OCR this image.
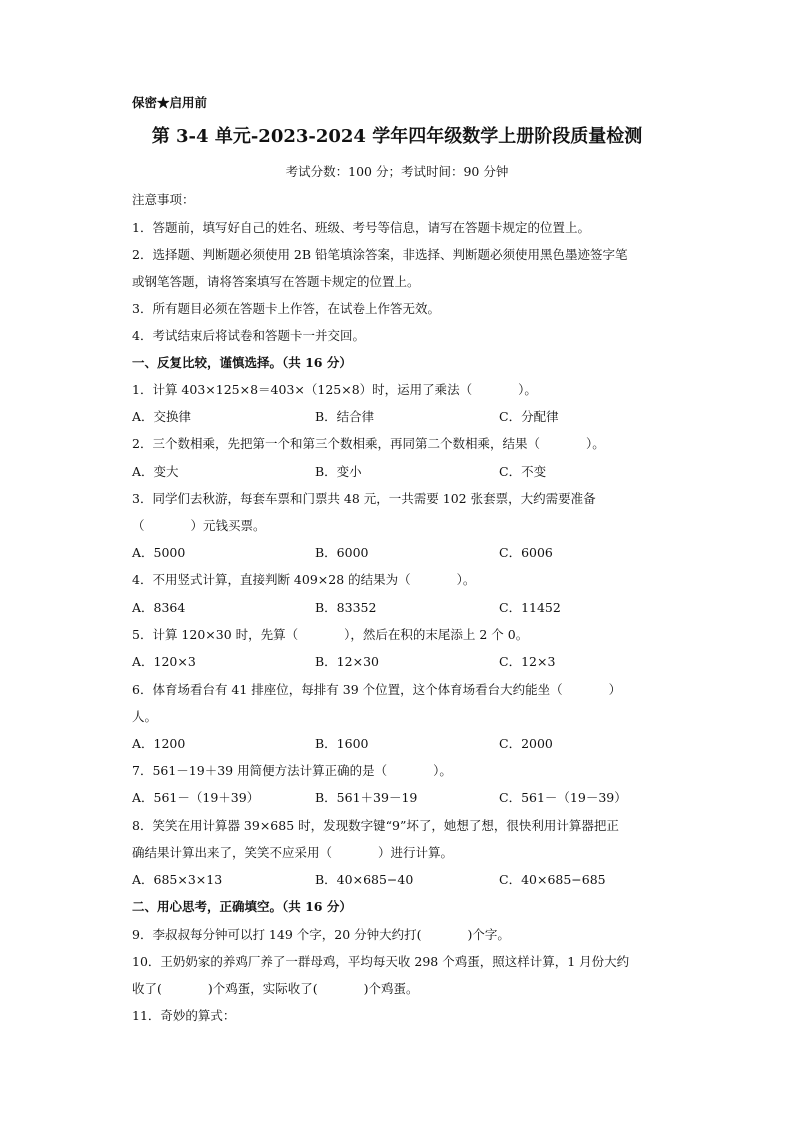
保密★启用前
第 3-4 单元-2023-2024 学年四年级数学上册阶段质量检测
考试分数：100 分；考试时间：90 分钟
注意事项：
1．答题前，填写好自己的姓名、班级、考号等信息，请写在答题卡规定的位置上。
2．选择题、判断题必须使用 2B 铅笔填涂答案，非选择、判断题必须使用黑色墨迹签字笔
或钢笔答题，请将答案填写在答题卡规定的位置上。
3．所有题目必须在答题卡上作答，在试卷上作答无效。
4．考试结束后将试卷和答题卡一并交回。
一、反复比较，谨慎选择。（共 16 分）
1．计算 403×125×8＝403×（125×8）时，运用了乘法（	）。
A．交换律	B．结合律	C．分配律
2．三个数相乘，先把第一个和第三个数相乘，再同第二个数相乘，结果（	）。
A．变大	B．变小	C．不变
3．同学们去秋游，每套车票和门票共 48 元，一共需要 102 张套票，大约需要准备
（	）元钱买票。
A．5000	B．6000	C．6006
4．不用竖式计算，直接判断 409×28 的结果为（	）。
A．8364	B．83352	C．11452
5．计算 120×30 时，先算（	），然后在积的末尾添上 2 个 0。
A．120×3	B．12×30	C．12×3
6．体育场看台有 41 排座位，每排有 39 个位置，这个体育场看台大约能坐（	）
人。
A．1200	B．1600	C．2000
7．561－19＋39 用简便方法计算正确的是（	）。
A．561－（19＋39）	B．561＋39－19	C．561－（19－39）
8．笑笑在用计算器 39×685 时，发现数字键“9”坏了，她想了想，很快利用计算器把正
确结果计算出来了，笑笑不应采用（	）进行计算。
A．685×3×13	B．40×685−40	C．40×685−685
二、用心思考，正确填空。（共 16 分）
9．李叔叔每分钟可以打 149 个字，20 分钟大约打(	)个字。
10．王奶奶家的养鸡厂养了一群母鸡，平均每天收 298 个鸡蛋，照这样计算，1 月份大约
收了(	)个鸡蛋，实际收了(	)个鸡蛋。
11．奇妙的算式：
